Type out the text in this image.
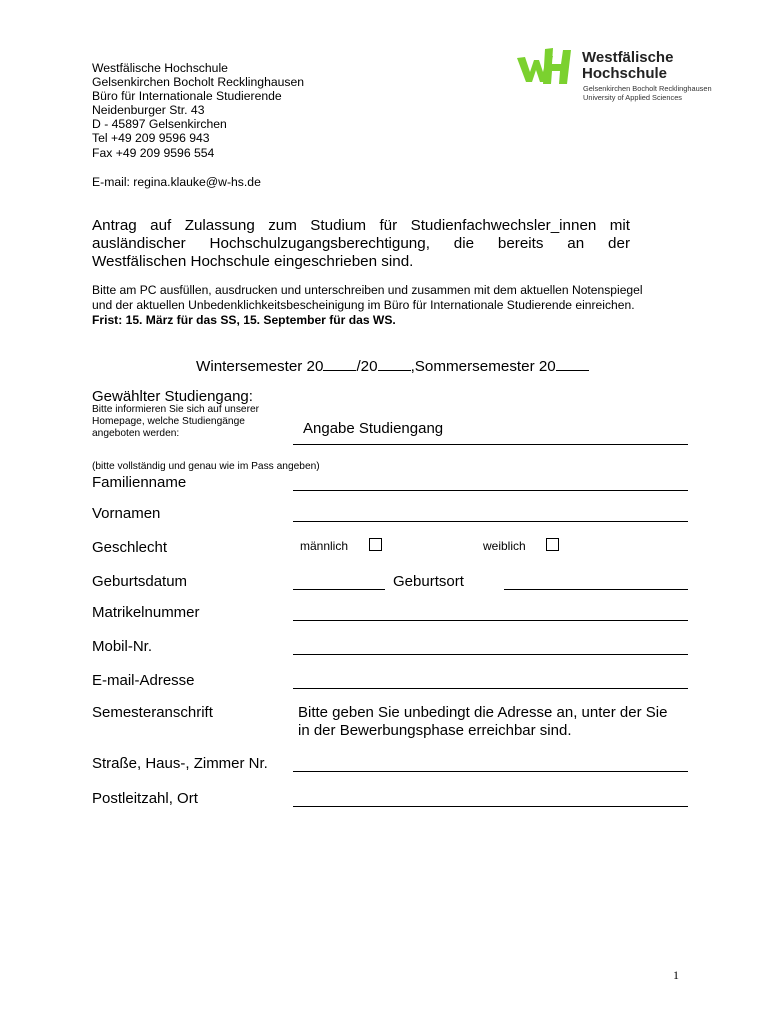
Westfälische Hochschule
Gelsenkirchen Bocholt Recklinghausen
Büro für Internationale Studierende
Neidenburger Str. 43
D - 45897 Gelsenkirchen
Tel +49 209 9596 943
Fax +49 209 9596 554
E-mail: regina.klauke@w-hs.de
Westfälische
Hochschule
Gelsenkirchen Bocholt Recklinghausen
University of Applied Sciences
Antrag auf Zulassung zum Studium für Studienfachwechsler_innen mit
ausländischer Hochschulzugangsberechtigung, die bereits an der
Westfälischen Hochschule eingeschrieben sind.
Bitte am PC ausfüllen, ausdrucken und unterschreiben und zusammen mit dem aktuellen Notenspiegel
und der aktuellen Unbedenklichkeitsbescheinigung im Büro für Internationale Studierende einreichen.
Frist: 15. März für das SS, 15. September für das WS.
Wintersemester 20 /20 ,Sommersemester 20
Gewählter Studiengang:
Bitte informieren Sie sich auf unserer
Homepage, welche Studiengänge
angeboten werden:	Angabe Studiengang
(bitte vollständig und genau wie im Pass angeben)
Familienname
Vornamen
Geschlecht	männlich	weiblich
Geburtsdatum	Geburtsort
Matrikelnummer
Mobil-Nr.
E-mail-Adresse
Semesteranschrift	Bitte geben Sie unbedingt die Adresse an, unter der Sie
in der Bewerbungsphase erreichbar sind.
Straße, Haus-, Zimmer Nr.
Postleitzahl, Ort
1
